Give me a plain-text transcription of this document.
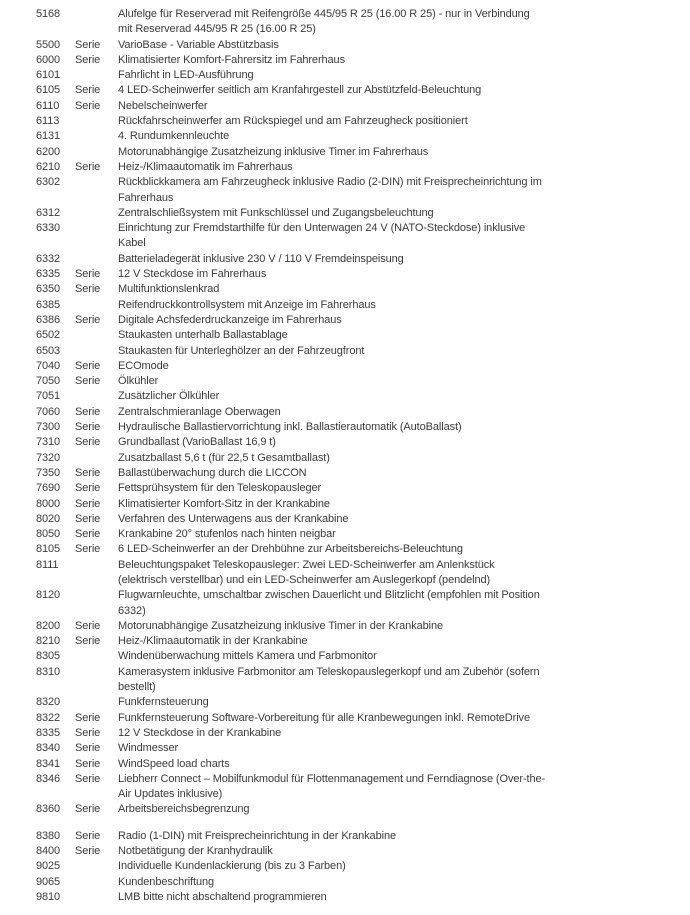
5168	Alufelge für Reserverad mit Reifengröße 445/95 R 25 (16.00 R 25) - nur in Verbindung
mit Reserverad 445/95 R 25 (16.00 R 25)
5500	Serie	VarioBase - Variable Abstützbasis
6000	Serie	Klimatisierter Komfort-Fahrersitz im Fahrerhaus
6101	Fahrlicht in LED-Ausführung
6105	Serie	4 LED-Scheinwerfer seitlich am Kranfahrgestell zur Abstützfeld-Beleuchtung
6110	Serie	Nebelscheinwerfer
6113	Rückfahrscheinwerfer am Rückspiegel und am Fahrzeugheck positioniert
6131	4. Rundumkennleuchte
6200	Motorunabhängige Zusatzheizung inklusive Timer im Fahrerhaus
6210	Serie	Heiz-/Klimaautomatik im Fahrerhaus
6302	Rückblickkamera am Fahrzeugheck inklusive Radio (2-DIN) mit Freisprecheinrichtung im
Fahrerhaus
6312	Zentralschließsystem mit Funkschlüssel und Zugangsbeleuchtung
6330	Einrichtung zur Fremdstarthilfe für den Unterwagen 24 V (NATO-Steckdose) inklusive
Kabel
6332	Batterieladegerät inklusive 230 V / 110 V Fremdeinspeisung
6335	Serie	12 V Steckdose im Fahrerhaus
6350	Serie	Multifunktionslenkrad
6385	Reifendruckkontrollsystem mit Anzeige im Fahrerhaus
6386	Serie	Digitale Achsfederdruckanzeige im Fahrerhaus
6502	Staukasten unterhalb Ballastablage
6503	Staukasten für Unterleghölzer an der Fahrzeugfront
7040	Serie	ECOmode
7050	Serie	Ölkühler
7051	Zusätzlicher Ölkühler
7060	Serie	Zentralschmieranlage Oberwagen
7300	Serie	Hydraulische Ballastiervorrichtung inkl. Ballastierautomatik (AutoBallast)
7310	Serie	Grundballast (VarioBallast 16,9 t)
7320	Zusatzballast 5,6 t (für 22,5 t Gesamtballast)
7350	Serie	Ballastüberwachung durch die LICCON
7690	Serie	Fettsprühsystem für den Teleskopausleger
8000	Serie	Klimatisierter Komfort-Sitz in der Krankabine
8020	Serie	Verfahren des Unterwagens aus der Krankabine
8050	Serie	Krankabine 20° stufenlos nach hinten neigbar
8105	Serie	6 LED-Scheinwerfer an der Drehbühne zur Arbeitsbereichs-Beleuchtung
8111	Beleuchtungspaket Teleskopausleger: Zwei LED-Scheinwerfer am Anlenkstück
(elektrisch verstellbar) und ein LED-Scheinwerfer am Auslegerkopf (pendelnd)
8120	Flugwarnleuchte, umschaltbar zwischen Dauerlicht und Blitzlicht (empfohlen mit Position
6332)
8200	Serie	Motorunabhängige Zusatzheizung inklusive Timer in der Krankabine
8210	Serie	Heiz-/Klimaautomatik in der Krankabine
8305	Windenüberwachung mittels Kamera und Farbmonitor
8310	Kamerasystem inklusive Farbmonitor am Teleskopauslegerkopf und am Zubehör (sofern
bestellt)
8320	Funkfernsteuerung
8322	Serie	Funkfernsteuerung Software-Vorbereitung für alle Kranbewegungen inkl. RemoteDrive
8335	Serie	12 V Steckdose in der Krankabine
8340	Serie	Windmesser
8341	Serie	WindSpeed load charts
8346	Serie	Liebherr Connect – Mobilfunkmodul für Flottenmanagement und Ferndiagnose (Over-the-
Air Updates inklusive)
8360	Serie	Arbeitsbereichsbegrenzung
8380	Serie	Radio (1-DIN) mit Freisprecheinrichtung in der Krankabine
8400	Serie	Notbetätigung der Kranhydraulik
9025	Individuelle Kundenlackierung (bis zu 3 Farben)
9065	Kundenbeschriftung
9810	LMB bitte nicht abschaltend programmieren
